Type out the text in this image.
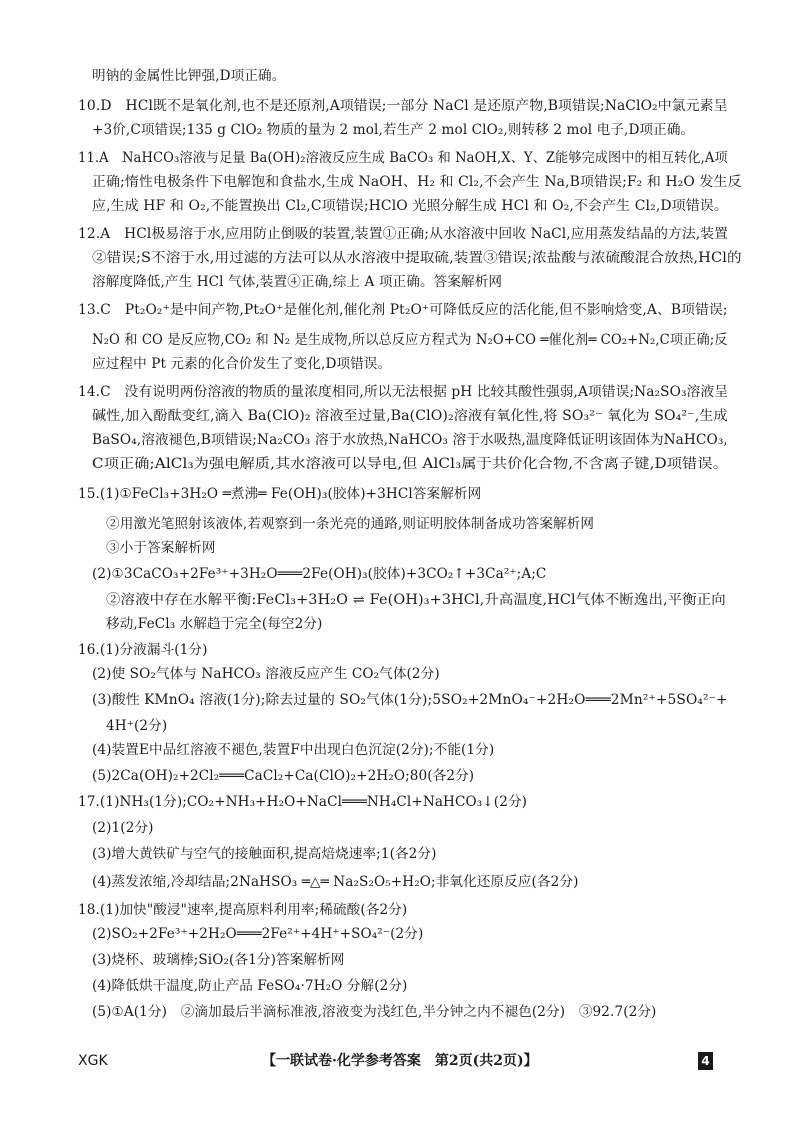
明钠的金属性比钾强,D项正确。
10.D　HCl既不是氧化剂,也不是还原剂,A项错误;一部分 NaCl 是还原产物,B项错误;NaClO₂中氯元素呈
+3价,C项错误;135 g ClO₂ 物质的量为 2 mol,若生产 2 mol ClO₂,则转移 2 mol 电子,D项正确。
11.A　NaHCO₃溶液与足量 Ba(OH)₂溶液反应生成 BaCO₃ 和 NaOH,X、Y、Z能够完成图中的相互转化,A项
正确;惰性电极条件下电解饱和食盐水,生成 NaOH、H₂ 和 Cl₂,不会产生 Na,B项错误;F₂ 和 H₂O 发生反
应,生成 HF 和 O₂,不能置换出 Cl₂,C项错误;HClO 光照分解生成 HCl 和 O₂,不会产生 Cl₂,D项错误。
12.A　HCl极易溶于水,应用防止倒吸的装置,装置①正确;从水溶液中回收 NaCl,应用蒸发结晶的方法,装置
②错误;S不溶于水,用过滤的方法可以从水溶液中提取硫,装置③错误;浓盐酸与浓硫酸混合放热,HCl的
溶解度降低,产生 HCl 气体,装置④正确,综上 A 项正确。答案解析网
13.C　Pt₂O₂⁺是中间产物,Pt₂O⁺是催化剂,催化剂 Pt₂O⁺可降低反应的活化能,但不影响焓变,A、B项错误;
N₂O 和 CO 是反应物,CO₂ 和 N₂ 是生成物,所以总反应方程式为 N₂O+CO ═催化剂═ CO₂+N₂,C项正确;反
应过程中 Pt 元素的化合价发生了变化,D项错误。
14.C　没有说明两份溶液的物质的量浓度相同,所以无法根据 pH 比较其酸性强弱,A项错误;Na₂SO₃溶液呈
碱性,加入酚酞变红,滴入 Ba(ClO)₂ 溶液至过量,Ba(ClO)₂溶液有氧化性,将 SO₃²⁻ 氧化为 SO₄²⁻,生成
BaSO₄,溶液褪色,B项错误;Na₂CO₃ 溶于水放热,NaHCO₃ 溶于水吸热,温度降低证明该固体为NaHCO₃,
C项正确;AlCl₃为强电解质,其水溶液可以导电,但 AlCl₃属于共价化合物,不含离子键,D项错误。
15.(1)①FeCl₃+3H₂O ═煮沸═ Fe(OH)₃(胶体)+3HCl答案解析网
②用激光笔照射该液体,若观察到一条光亮的通路,则证明胶体制备成功答案解析网
③小于答案解析网
(2)①3CaCO₃+2Fe³⁺+3H₂O═══2Fe(OH)₃(胶体)+3CO₂↑+3Ca²⁺;A;C
②溶液中存在水解平衡:FeCl₃+3H₂O ⇌ Fe(OH)₃+3HCl,升高温度,HCl气体不断逸出,平衡正向
移动,FeCl₃ 水解趋于完全(每空2分)
16.(1)分液漏斗(1分)
(2)使 SO₂气体与 NaHCO₃ 溶液反应产生 CO₂气体(2分)
(3)酸性 KMnO₄ 溶液(1分);除去过量的 SO₂气体(1分);5SO₂+2MnO₄⁻+2H₂O═══2Mn²⁺+5SO₄²⁻+
4H⁺(2分)
(4)装置E中品红溶液不褪色,装置F中出现白色沉淀(2分);不能(1分)
(5)2Ca(OH)₂+2Cl₂═══CaCl₂+Ca(ClO)₂+2H₂O;80(各2分)
17.(1)NH₃(1分);CO₂+NH₃+H₂O+NaCl═══NH₄Cl+NaHCO₃↓(2分)
(2)1(2分)
(3)增大黄铁矿与空气的接触面积,提高焙烧速率;1(各2分)
(4)蒸发浓缩,冷却结晶;2NaHSO₃ ═△═ Na₂S₂O₅+H₂O;非氧化还原反应(各2分)
18.(1)加快"酸浸"速率,提高原料利用率;稀硫酸(各2分)
(2)SO₂+2Fe³⁺+2H₂O═══2Fe²⁺+4H⁺+SO₄²⁻(2分)
(3)烧杯、玻璃棒;SiO₂(各1分)答案解析网
(4)降低烘干温度,防止产品 FeSO₄·7H₂O 分解(2分)
(5)①A(1分)　②滴加最后半滴标准液,溶液变为浅红色,半分钟之内不褪色(2分)　③92.7(2分)
XGK	【一联试卷·化学参考答案　第2页(共2页)】	4
